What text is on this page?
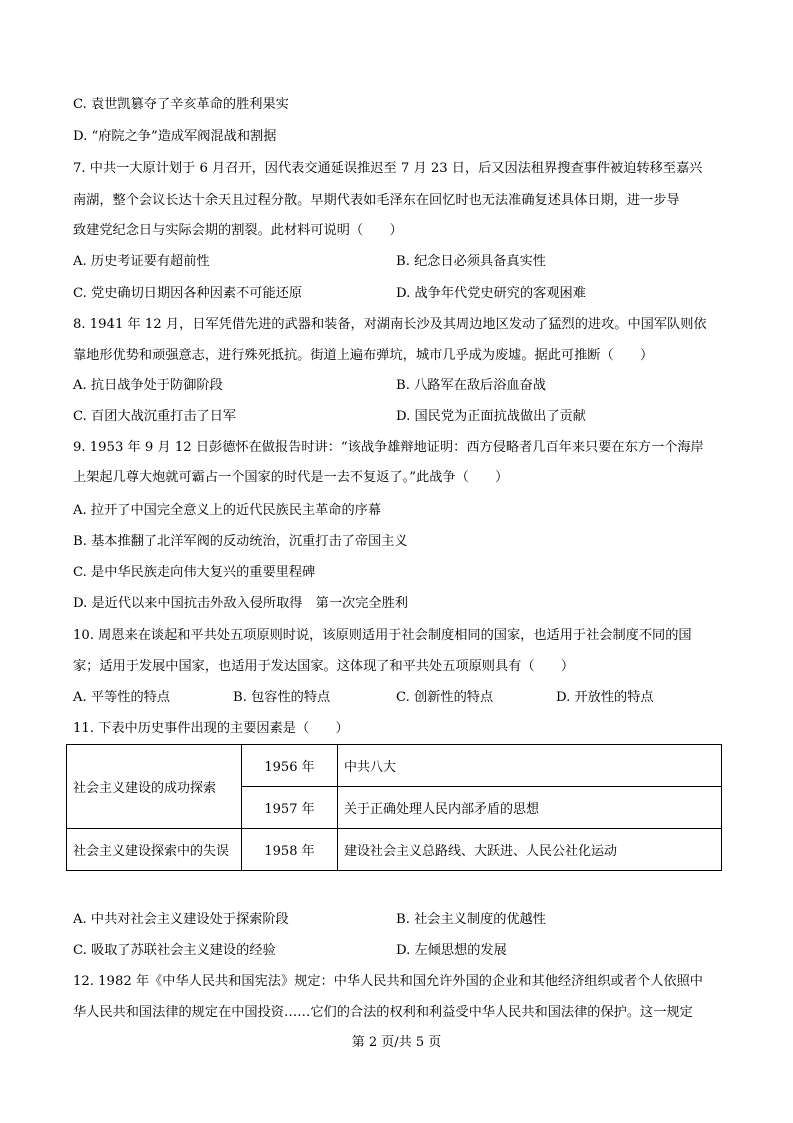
C. 袁世凯篡夺了辛亥革命的胜利果实
D. “府院之争”造成军阀混战和割据
7. 中共一大原计划于 6 月召开，因代表交通延误推迟至 7 月 23 日，后又因法租界搜查事件被迫转移至嘉兴
南湖，整个会议长达十余天且过程分散。早期代表如毛泽东在回忆时也无法准确复述具体日期，进一步导
致建党纪念日与实际会期的割裂。此材料可说明（　　）
A. 历史考证要有超前性	B. 纪念日必须具备真实性
C. 党史确切日期因各种因素不可能还原	D. 战争年代党史研究的客观困难
8. 1941 年 12 月，日军凭借先进的武器和装备，对湖南长沙及其周边地区发动了猛烈的进攻。中国军队则依
靠地形优势和顽强意志，进行殊死抵抗。街道上遍布弹坑，城市几乎成为废墟。据此可推断（　　）
A. 抗日战争处于防御阶段	B. 八路军在敌后浴血奋战
C. 百团大战沉重打击了日军	D. 国民党为正面抗战做出了贡献
9. 1953 年 9 月 12 日彭德怀在做报告时讲：“该战争雄辩地证明：西方侵略者几百年来只要在东方一个海岸
上架起几尊大炮就可霸占一个国家的时代是一去不复返了。”此战争（　　）
A. 拉开了中国完全意义上的近代民族民主革命的序幕
B. 基本推翻了北洋军阀的反动统治，沉重打击了帝国主义
C. 是中华民族走向伟大复兴的重要里程碑
D. 是近代以来中国抗击外敌入侵所取得　第一次完全胜利
10. 周恩来在谈起和平共处五项原则时说，该原则适用于社会制度相同的国家，也适用于社会制度不同的国
家；适用于发展中国家，也适用于发达国家。这体现了和平共处五项原则具有（　　）
A. 平等性的特点	B. 包容性的特点	C. 创新性的特点	D. 开放性的特点
11. 下表中历史事件出现的主要因素是（　　）
社会主义建设的成功探索	1956 年	中共八大
	1957 年	关于正确处理人民内部矛盾的思想
社会主义建设探索中的失误	1958 年	建设社会主义总路线、大跃进、人民公社化运动
A. 中共对社会主义建设处于探索阶段	B. 社会主义制度的优越性
C. 吸取了苏联社会主义建设的经验	D. 左倾思想的发展
12. 1982 年《中华人民共和国宪法》规定：中华人民共和国允许外国的企业和其他经济组织或者个人依照中
华人民共和国法律的规定在中国投资……它们的合法的权利和利益受中华人民共和国法律的保护。这一规定
第 2 页/共 5 页
